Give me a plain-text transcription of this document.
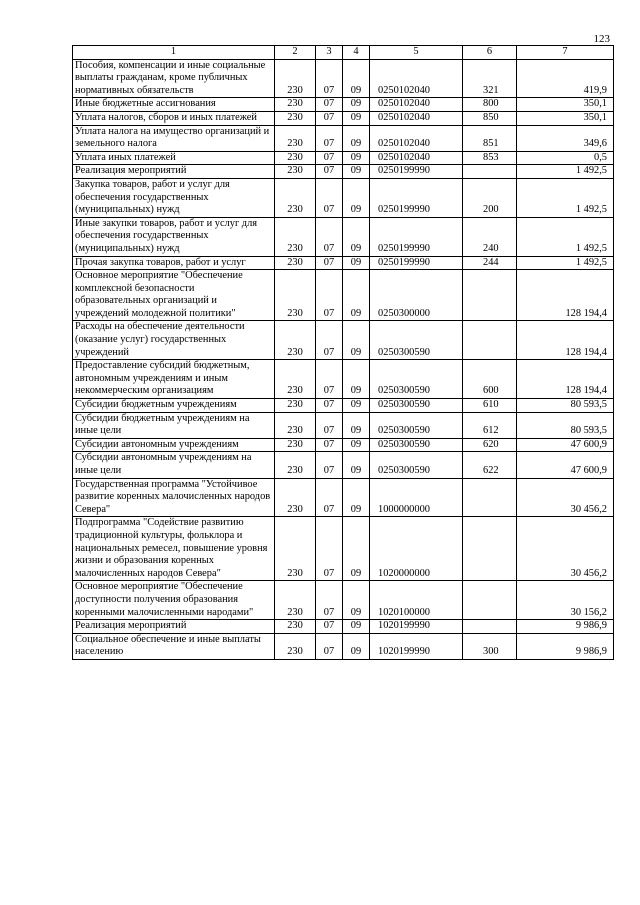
123
1	2	3	4	5	6	7
Пособия, компенсации и иные социальные выплаты гражданам, кроме публичных нормативных обязательств	230	07	09	0250102040	321	419,9
Иные бюджетные ассигнования	230	07	09	0250102040	800	350,1
Уплата налогов, сборов и иных платежей	230	07	09	0250102040	850	350,1
Уплата налога на имущество организаций и земельного налога	230	07	09	0250102040	851	349,6
Уплата иных платежей	230	07	09	0250102040	853	0,5
Реализация мероприятий	230	07	09	0250199990		1 492,5
Закупка товаров, работ и услуг для обеспечения государственных (муниципальных) нужд	230	07	09	0250199990	200	1 492,5
Иные закупки товаров, работ и услуг для обеспечения государственных (муниципальных) нужд	230	07	09	0250199990	240	1 492,5
Прочая закупка товаров, работ и услуг	230	07	09	0250199990	244	1 492,5
Основное мероприятие "Обеспечение комплексной безопасности образовательных организаций и учреждений молодежной политики"	230	07	09	0250300000		128 194,4
Расходы на обеспечение деятельности (оказание услуг) государственных учреждений	230	07	09	0250300590		128 194,4
Предоставление субсидий бюджетным, автономным учреждениям и иным некоммерческим организациям	230	07	09	0250300590	600	128 194,4
Субсидии бюджетным учреждениям	230	07	09	0250300590	610	80 593,5
Субсидии бюджетным учреждениям на иные цели	230	07	09	0250300590	612	80 593,5
Субсидии автономным учреждениям	230	07	09	0250300590	620	47 600,9
Субсидии автономным учреждениям на иные цели	230	07	09	0250300590	622	47 600,9
Государственная программа "Устойчивое развитие коренных малочисленных народов Севера"	230	07	09	1000000000		30 456,2
Подпрограмма "Содействие развитию традиционной культуры, фольклора и национальных ремесел, повышение уровня жизни и образования коренных малочисленных народов Севера"	230	07	09	1020000000		30 456,2
Основное мероприятие "Обеспечение доступности получения образования коренными малочисленными народами"	230	07	09	1020100000		30 156,2
Реализация мероприятий	230	07	09	1020199990		9 986,9
Социальное обеспечение и иные выплаты населению	230	07	09	1020199990	300	9 986,9
